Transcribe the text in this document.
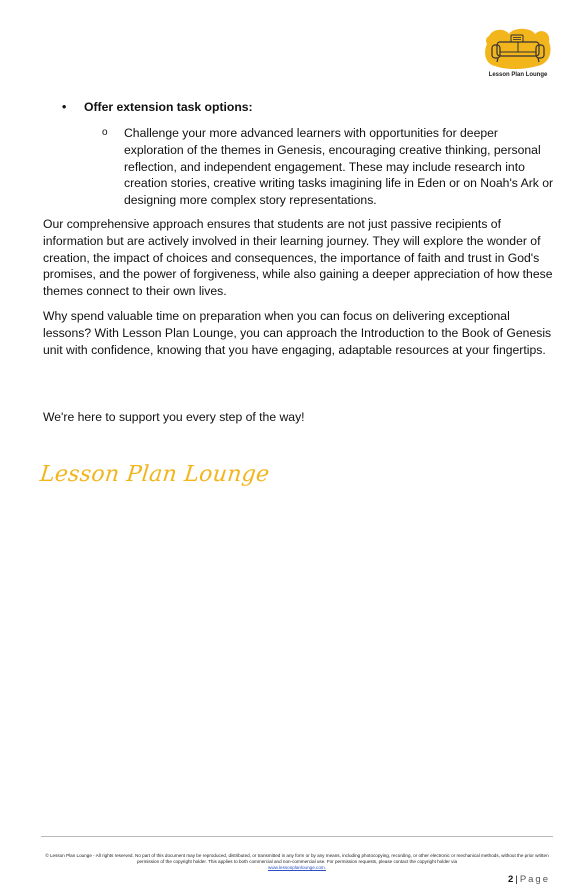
Lesson Plan Lounge
• Offer extension task options:
o Challenge your more advanced learners with opportunities for deeper exploration of the themes in Genesis, encouraging creative thinking, personal reflection, and independent engagement. These may include research into creation stories, creative writing tasks imagining life in Eden or on Noah's Ark or designing more complex story representations.

Our comprehensive approach ensures that students are not just passive recipients of information but are actively involved in their learning journey. They will explore the wonder of creation, the impact of choices and consequences, the importance of faith and trust in God's promises, and the power of forgiveness, while also gaining a deeper appreciation of how these themes connect to their own lives.

Why spend valuable time on preparation when you can focus on delivering exceptional lessons? With Lesson Plan Lounge, you can approach the Introduction to the Book of Genesis unit with confidence, knowing that you have engaging, adaptable resources at your fingertips.

We're here to support you every step of the way!

Lesson Plan Lounge
© Lesson Plan Lounge - All rights reserved. No part of this document may be reproduced, distributed, or transmitted in any form or by any means, including photocopying, recording, or other electronic or mechanical methods, without the prior written permission of the copyright holder. This applies to both commercial and non-commercial use. For permission requests, please contact the copyright holder via
www.lessonplanlounge.com.
2 | Page
